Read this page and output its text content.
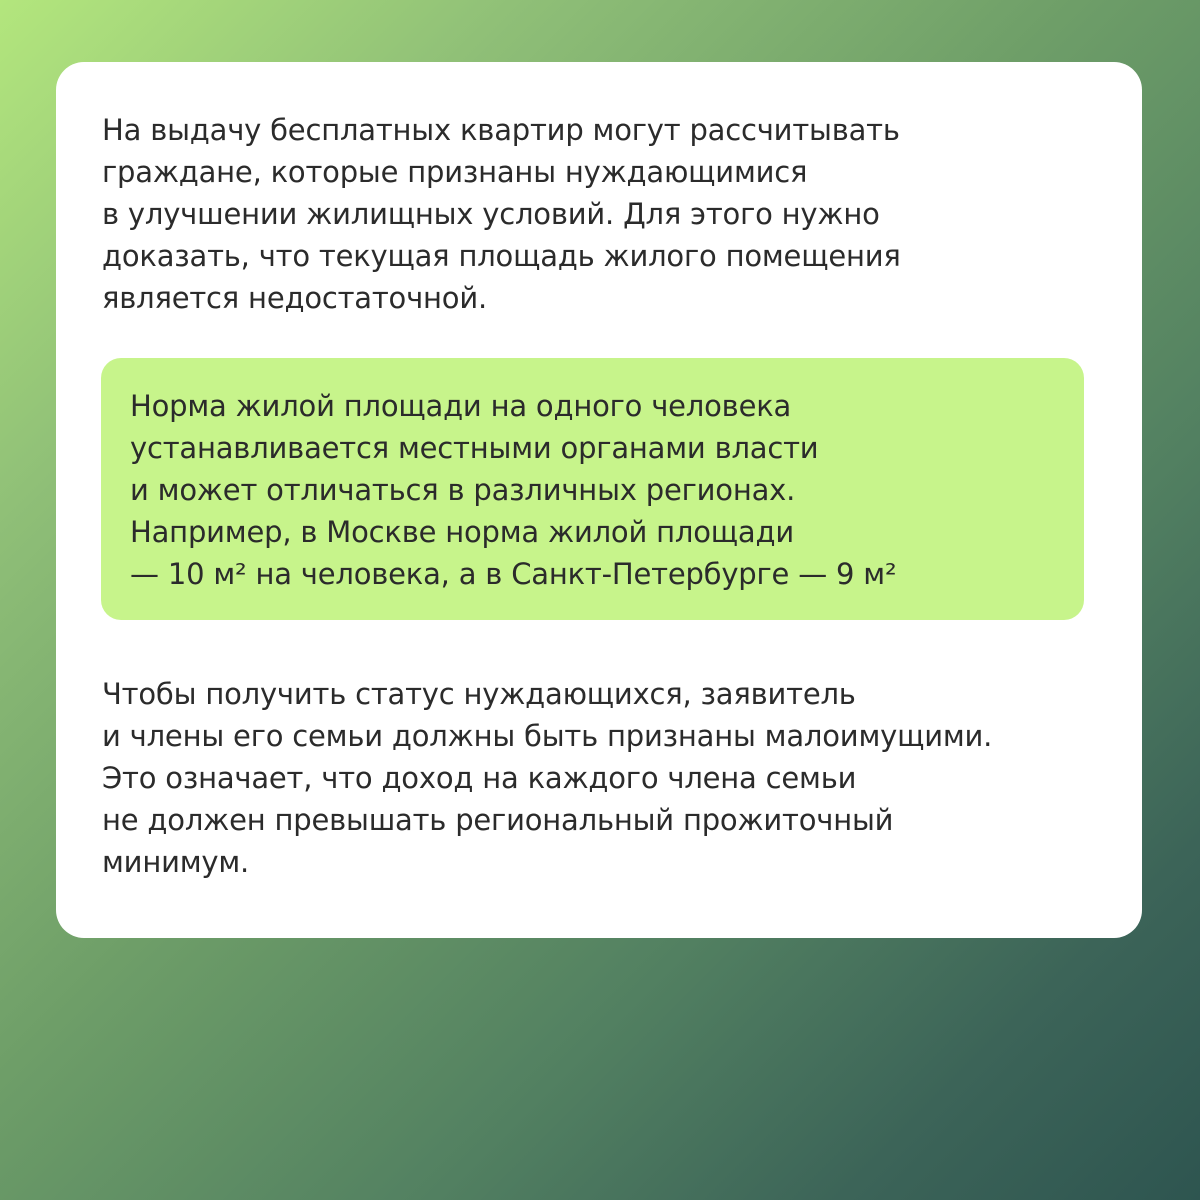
На выдачу бесплатных квартир могут рассчитывать
граждане, которые признаны нуждающимися
в улучшении жилищных условий. Для этого нужно
доказать, что текущая площадь жилого помещения
является недостаточной.

Норма жилой площади на одного человека
устанавливается местными органами власти
и может отличаться в различных регионах.
Например, в Москве норма жилой площади
— 10 м² на человека, а в Санкт-Петербурге — 9 м²

Чтобы получить статус нуждающихся, заявитель
и члены его семьи должны быть признаны малоимущими.
Это означает, что доход на каждого члена семьи
не должен превышать региональный прожиточный
минимум.
